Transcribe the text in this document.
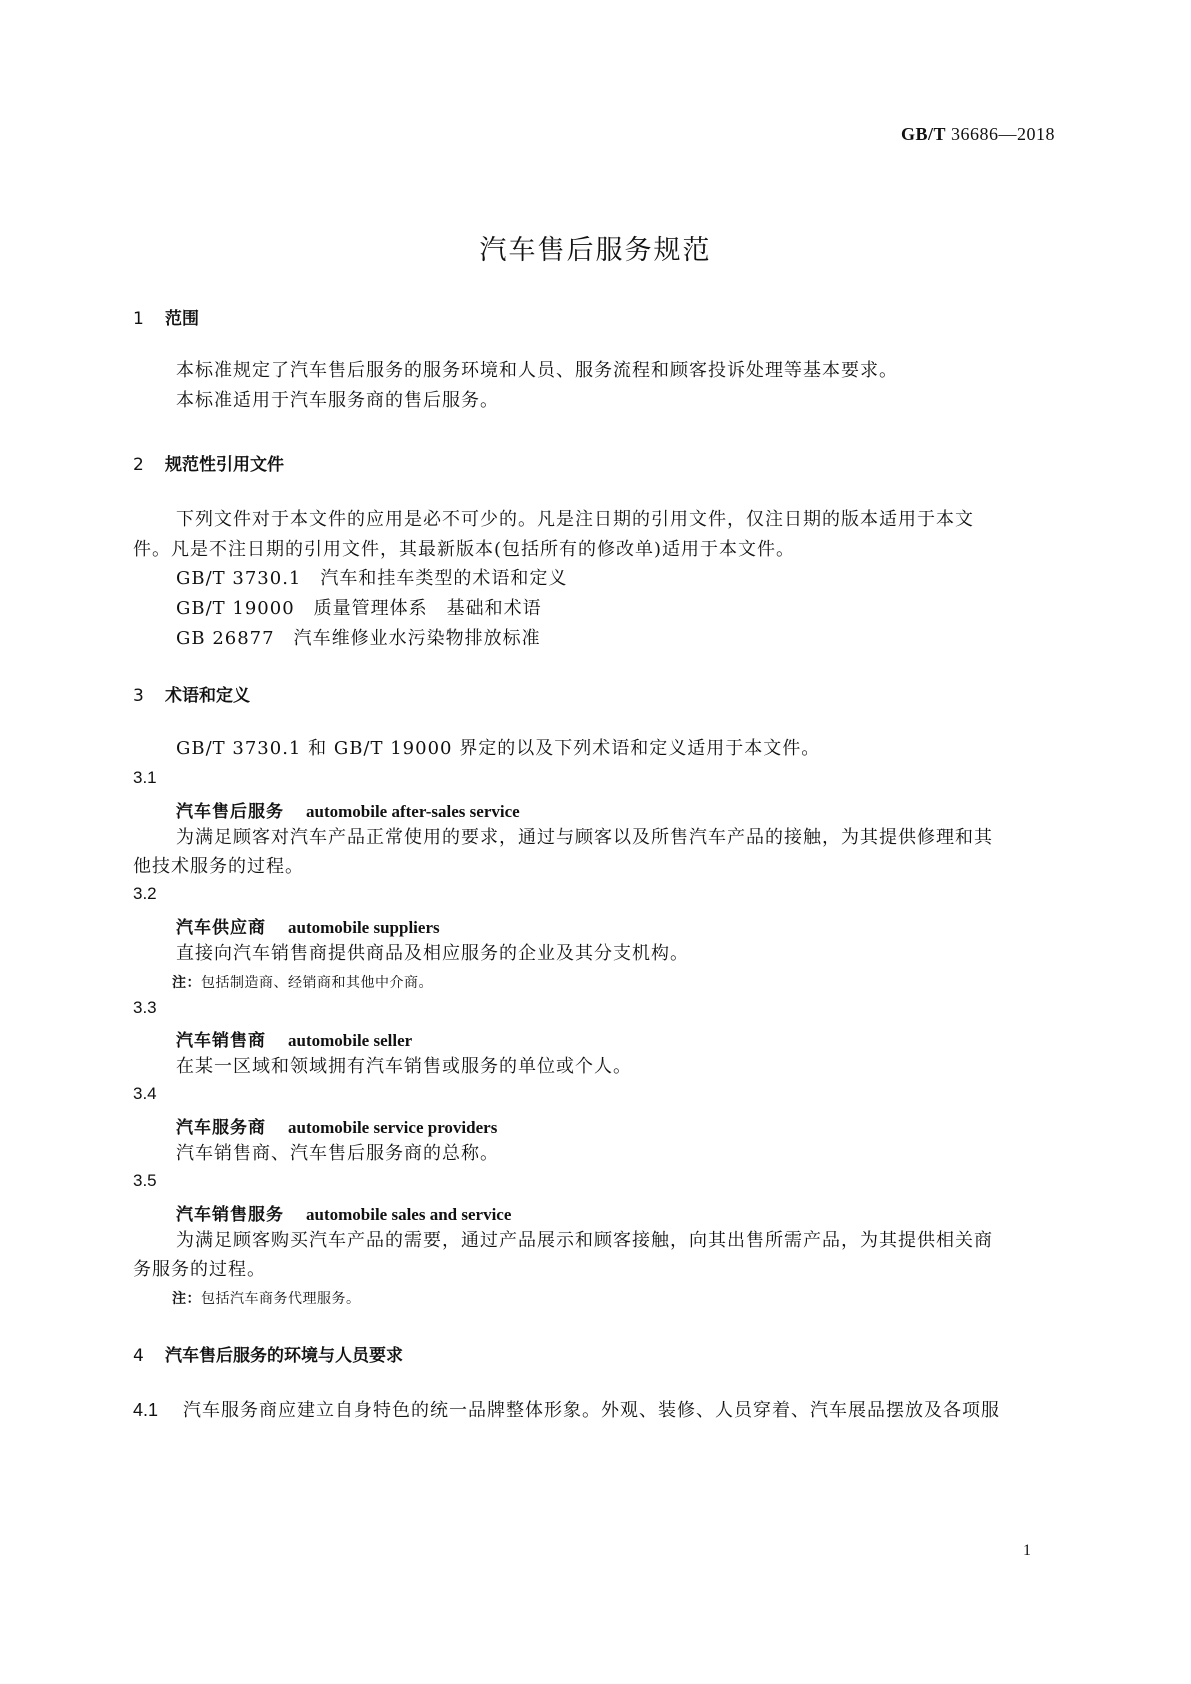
GB/T 36686—2018
汽车售后服务规范
1 范围
本标准规定了汽车售后服务的服务环境和人员、服务流程和顾客投诉处理等基本要求。
本标准适用于汽车服务商的售后服务。
2 规范性引用文件
下列文件对于本文件的应用是必不可少的。凡是注日期的引用文件，仅注日期的版本适用于本文
件。凡是不注日期的引用文件，其最新版本(包括所有的修改单)适用于本文件。
GB/T 3730.1　汽车和挂车类型的术语和定义
GB/T 19000　质量管理体系　基础和术语
GB 26877　汽车维修业水污染物排放标准
3 术语和定义
GB/T 3730.1 和 GB/T 19000 界定的以及下列术语和定义适用于本文件。
3.1
汽车售后服务 automobile after-sales service
为满足顾客对汽车产品正常使用的要求，通过与顾客以及所售汽车产品的接触，为其提供修理和其
他技术服务的过程。
3.2
汽车供应商 automobile suppliers
直接向汽车销售商提供商品及相应服务的企业及其分支机构。
注：包括制造商、经销商和其他中介商。
3.3
汽车销售商 automobile seller
在某一区域和领域拥有汽车销售或服务的单位或个人。
3.4
汽车服务商 automobile service providers
汽车销售商、汽车售后服务商的总称。
3.5
汽车销售服务 automobile sales and service
为满足顾客购买汽车产品的需要，通过产品展示和顾客接触，向其出售所需产品，为其提供相关商
务服务的过程。
注：包括汽车商务代理服务。
4 汽车售后服务的环境与人员要求
4.1 汽车服务商应建立自身特色的统一品牌整体形象。外观、装修、人员穿着、汽车展品摆放及各项服
1
